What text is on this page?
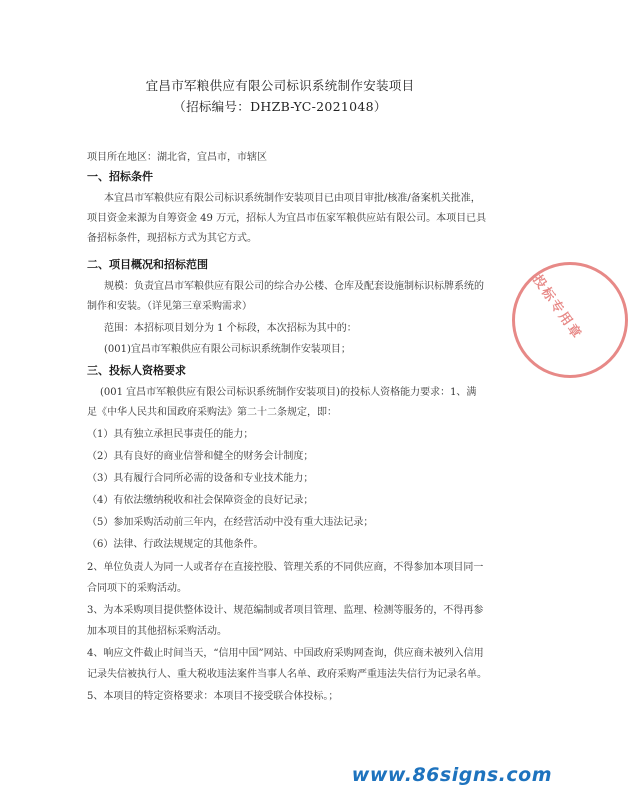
宜昌市军粮供应有限公司标识系统制作安装项目
（招标编号：DHZB-YC-2021048）
项目所在地区：湖北省，宜昌市，市辖区
一、招标条件
本宜昌市军粮供应有限公司标识系统制作安装项目已由项目审批/核准/备案机关批准，
项目资金来源为自筹资金 49 万元，招标人为宜昌市伍家军粮供应站有限公司。本项目已具
备招标条件，现招标方式为其它方式。
二、项目概况和招标范围
规模：负责宜昌市军粮供应有限公司的综合办公楼、仓库及配套设施制标识标牌系统的
制作和安装。（详见第三章采购需求）
范围：本招标项目划分为 1 个标段，本次招标为其中的：
(001)宜昌市军粮供应有限公司标识系统制作安装项目；
三、投标人资格要求
(001 宜昌市军粮供应有限公司标识系统制作安装项目)的投标人资格能力要求：1、满
足《中华人民共和国政府采购法》第二十二条规定，即：
（1）具有独立承担民事责任的能力；
（2）具有良好的商业信誉和健全的财务会计制度；
（3）具有履行合同所必需的设备和专业技术能力；
（4）有依法缴纳税收和社会保障资金的良好记录；
（5）参加采购活动前三年内，在经营活动中没有重大违法记录；
（6）法律、行政法规规定的其他条件。
2、单位负责人为同一人或者存在直接控股、管理关系的不同供应商，不得参加本项目同一
合同项下的采购活动。
3、为本采购项目提供整体设计、规范编制或者项目管理、监理、检测等服务的，不得再参
加本项目的其他招标采购活动。
4、响应文件截止时间当天，“信用中国”网站、中国政府采购网查询，供应商未被列入信用
记录失信被执行人、重大税收违法案件当事人名单、政府采购严重违法失信行为记录名单。
5、本项目的特定资格要求：本项目不接受联合体投标。；
投标专用章
www.86signs.com
